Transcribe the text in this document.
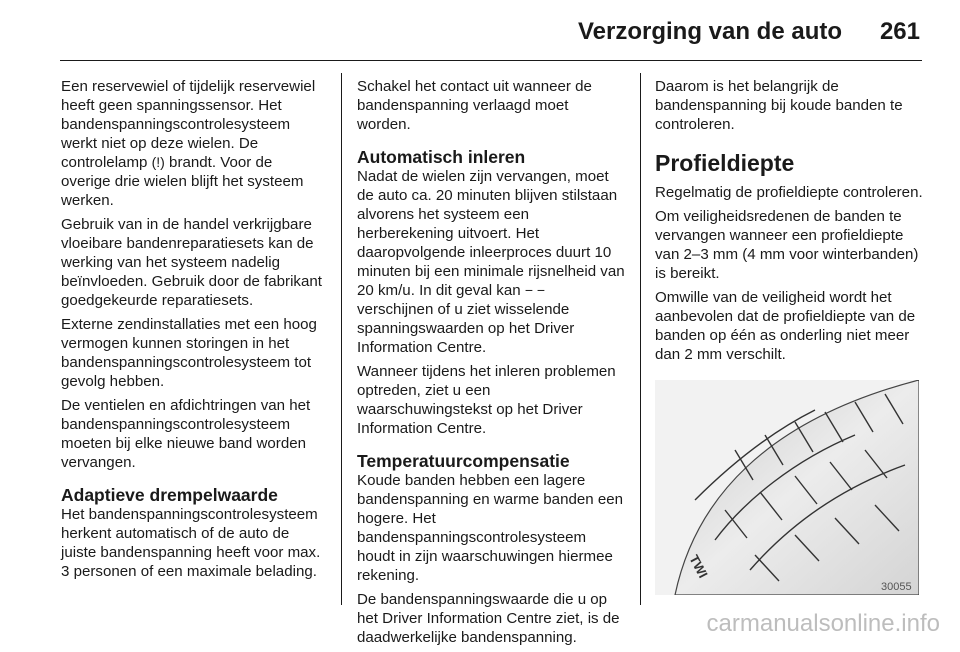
Verzorging van de auto 261

Een reservewiel of tijdelijk reservewiel heeft geen spanningssensor. Het bandenspanningscontrolesysteem werkt niet op deze wielen. De controlelamp (!) brandt. Voor de overige drie wielen blijft het systeem werken.

Gebruik van in de handel verkrijgbare vloeibare bandenreparatiesets kan de werking van het systeem nadelig beïnvloeden. Gebruik door de fabrikant goedgekeurde reparatiesets.

Externe zendinstallaties met een hoog vermogen kunnen storingen in het bandenspanningscontrolesysteem tot gevolg hebben.

De ventielen en afdichtringen van het bandenspanningscontrolesysteem moeten bij elke nieuwe band worden vervangen.

Adaptieve drempelwaarde

Het bandenspanningscontrolesysteem herkent automatisch of de auto de juiste bandenspanning heeft voor max. 3 personen of een maximale belading.

Schakel het contact uit wanneer de bandenspanning verlaagd moet worden.

Automatisch inleren

Nadat de wielen zijn vervangen, moet de auto ca. 20 minuten blijven stilstaan alvorens het systeem een herberekening uitvoert. Het daaropvolgende inleerproces duurt 10 minuten bij een minimale rijsnelheid van 20 km/u. In dit geval kan − − verschijnen of u ziet wisselende spanningswaarden op het Driver Information Centre.

Wanneer tijdens het inleren problemen optreden, ziet u een waarschuwingstekst op het Driver Information Centre.

Temperatuurcompensatie

Koude banden hebben een lagere bandenspanning en warme banden een hogere. Het bandenspanningscontrolesysteem houdt in zijn waarschuwingen hiermee rekening.

De bandenspanningswaarde die u op het Driver Information Centre ziet, is de daadwerkelijke bandenspanning.

Daarom is het belangrijk de bandenspanning bij koude banden te controleren.

Profieldiepte

Regelmatig de profieldiepte controleren.

Om veiligheidsredenen de banden te vervangen wanneer een profieldiepte van 2–3 mm (4 mm voor winterbanden) is bereikt.

Omwille van de veiligheid wordt het aanbevolen dat de profieldiepte van de banden op één as onderling niet meer dan 2 mm verschilt.

TWI
30055
carmanualsonline.info
